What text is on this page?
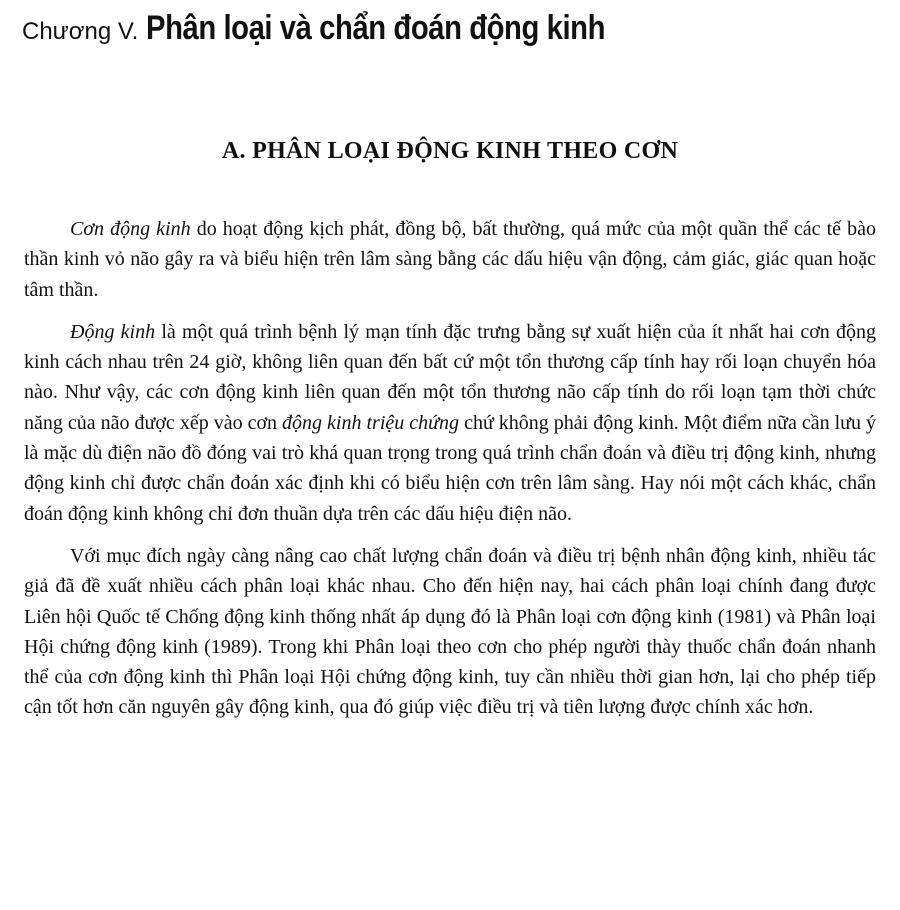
Chương V. Phân loại và chẩn đoán động kinh
A. PHÂN LOẠI ĐỘNG KINH THEO CƠN

Cơn động kinh do hoạt động kịch phát, đồng bộ, bất thường, quá mức của một quần thể các tế bào thần kinh vỏ não gây ra và biểu hiện trên lâm sàng bằng các dấu hiệu vận động, cảm giác, giác quan hoặc tâm thần.

Động kinh là một quá trình bệnh lý mạn tính đặc trưng bằng sự xuất hiện của ít nhất hai cơn động kinh cách nhau trên 24 giờ, không liên quan đến bất cứ một tổn thương cấp tính hay rối loạn chuyển hóa nào. Như vậy, các cơn động kinh liên quan đến một tổn thương não cấp tính do rối loạn tạm thời chức năng của não được xếp vào cơn động kinh triệu chứng chứ không phải động kinh. Một điểm nữa cần lưu ý là mặc dù điện não đồ đóng vai trò khá quan trọng trong quá trình chẩn đoán và điều trị động kinh, nhưng động kinh chỉ được chẩn đoán xác định khi có biểu hiện cơn trên lâm sàng. Hay nói một cách khác, chẩn đoán động kinh không chỉ đơn thuần dựa trên các dấu hiệu điện não.

Với mục đích ngày càng nâng cao chất lượng chẩn đoán và điều trị bệnh nhân động kinh, nhiều tác giả đã đề xuất nhiều cách phân loại khác nhau. Cho đến hiện nay, hai cách phân loại chính đang được Liên hội Quốc tế Chống động kinh thống nhất áp dụng đó là Phân loại cơn động kinh (1981) và Phân loại Hội chứng động kinh (1989). Trong khi Phân loại theo cơn cho phép người thày thuốc chẩn đoán nhanh thể của cơn động kinh thì Phân loại Hội chứng động kinh, tuy cần nhiều thời gian hơn, lại cho phép tiếp cận tốt hơn căn nguyên gây động kinh, qua đó giúp việc điều trị và tiên lượng được chính xác hơn.
